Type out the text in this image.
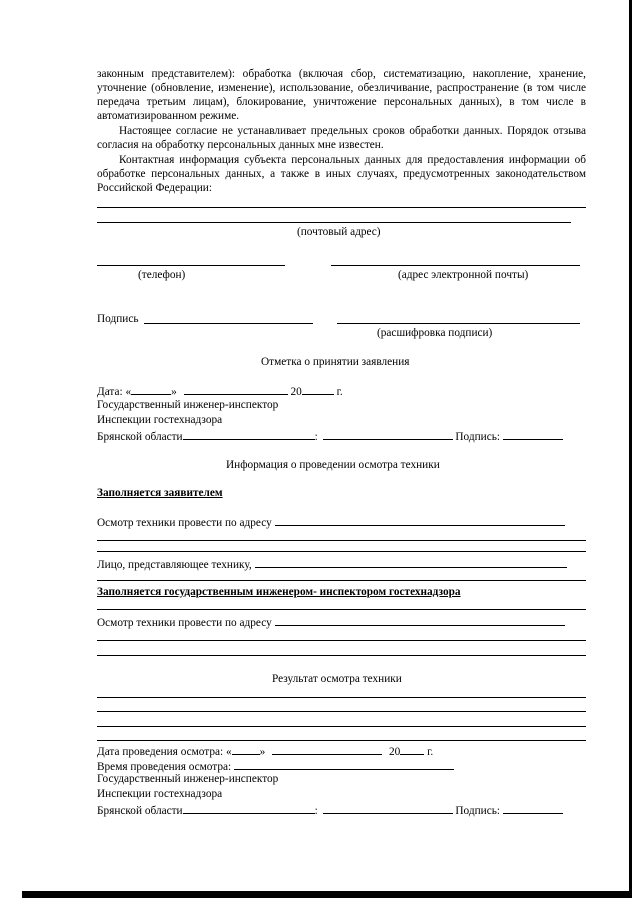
законным представителем): обработка (включая сбор, систематизацию, накопление, хранение, уточнение (обновление, изменение), использование, обезличивание, распространение (в том числе передача третьим лицам), блокирование, уничтожение персональных данных), в том числе в автоматизированном режиме.

Настоящее согласие не устанавливает предельных сроков обработки данных. Порядок отзыва согласия на обработку персональных данных мне известен.

Контактная информация субъекта персональных данных для предоставления информации об обработке персональных данных, а также в иных случаях, предусмотренных законодательством Российской Федерации:

(почтовый адрес)
(телефон)	(адрес электронной почты)
Подпись
(расшифровка подписи)
Отметка о принятии заявления
Дата: «	»	20	г.
Государственный инженер-инспектор
Инспекции гостехнадзора
Брянской области	:	Подпись:
Информация о проведении осмотра техники
Заполняется заявителем
Осмотр техники провести по адресу
Лицо, представляющее технику,
Заполняется государственным инженером- инспектором гостехнадзора
Осмотр техники провести по адресу
Результат осмотра техники
Дата проведения осмотра: « »	20 г.
Время проведения осмотра:
Государственный инженер-инспектор
Инспекции гостехнадзора
Брянской области	:	Подпись:
